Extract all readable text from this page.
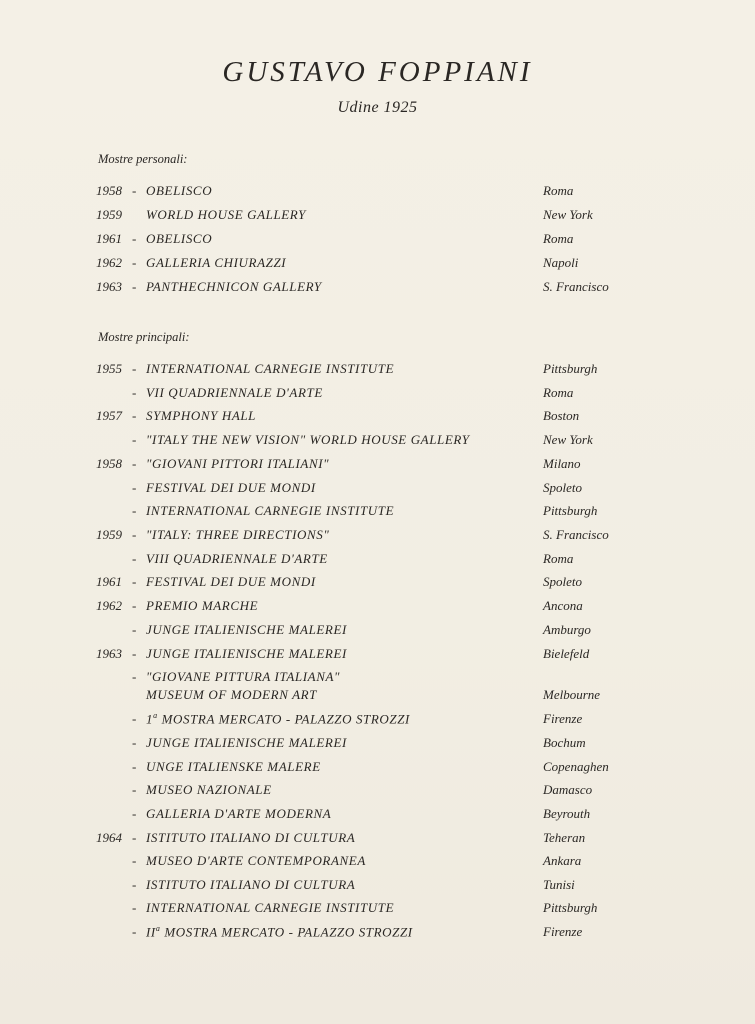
GUSTAVO FOPPIANI
Udine 1925
Mostre personali:
1958 - OBELISCO	Roma
1959	WORLD HOUSE GALLERY	New York
1961 - OBELISCO	Roma
1962 - GALLERIA CHIURAZZI	Napoli
1963 - PANTHECHNICON GALLERY	S. Francisco
Mostre principali:
1955 - INTERNATIONAL CARNEGIE INSTITUTE	Pittsburgh
- VII QUADRIENNALE D'ARTE	Roma
1957 - SYMPHONY HALL	Boston
- "ITALY THE NEW VISION" WORLD HOUSE GALLERY	New York
1958 - "GIOVANI PITTORI ITALIANI"	Milano
- FESTIVAL DEI DUE MONDI	Spoleto
- INTERNATIONAL CARNEGIE INSTITUTE	Pittsburgh
1959 - "ITALY: THREE DIRECTIONS"	S. Francisco
- VIII QUADRIENNALE D'ARTE	Roma
1961 - FESTIVAL DEI DUE MONDI	Spoleto
1962 - PREMIO MARCHE	Ancona
- JUNGE ITALIENISCHE MALEREI	Amburgo
1963 - JUNGE ITALIENISCHE MALEREI	Bielefeld
- "GIOVANE PITTURA ITALIANA"
MUSEUM OF MODERN ART	Melbourne
- 1$^a$ MOSTRA MERCATO - PALAZZO STROZZI	Firenze
- JUNGE ITALIENISCHE MALEREI	Bochum
- UNGE ITALIENSKE MALERE	Copenaghen
- MUSEO NAZIONALE	Damasco
- GALLERIA D'ARTE MODERNA	Beyrouth
1964 - ISTITUTO ITALIANO DI CULTURA	Teheran
- MUSEO D'ARTE CONTEMPORANEA	Ankara
- ISTITUTO ITALIANO DI CULTURA	Tunisi
- INTERNATIONAL CARNEGIE INSTITUTE	Pittsburgh
- $II^a$ MOSTRA MERCATO - PALAZZO STROZZI	Firenze
